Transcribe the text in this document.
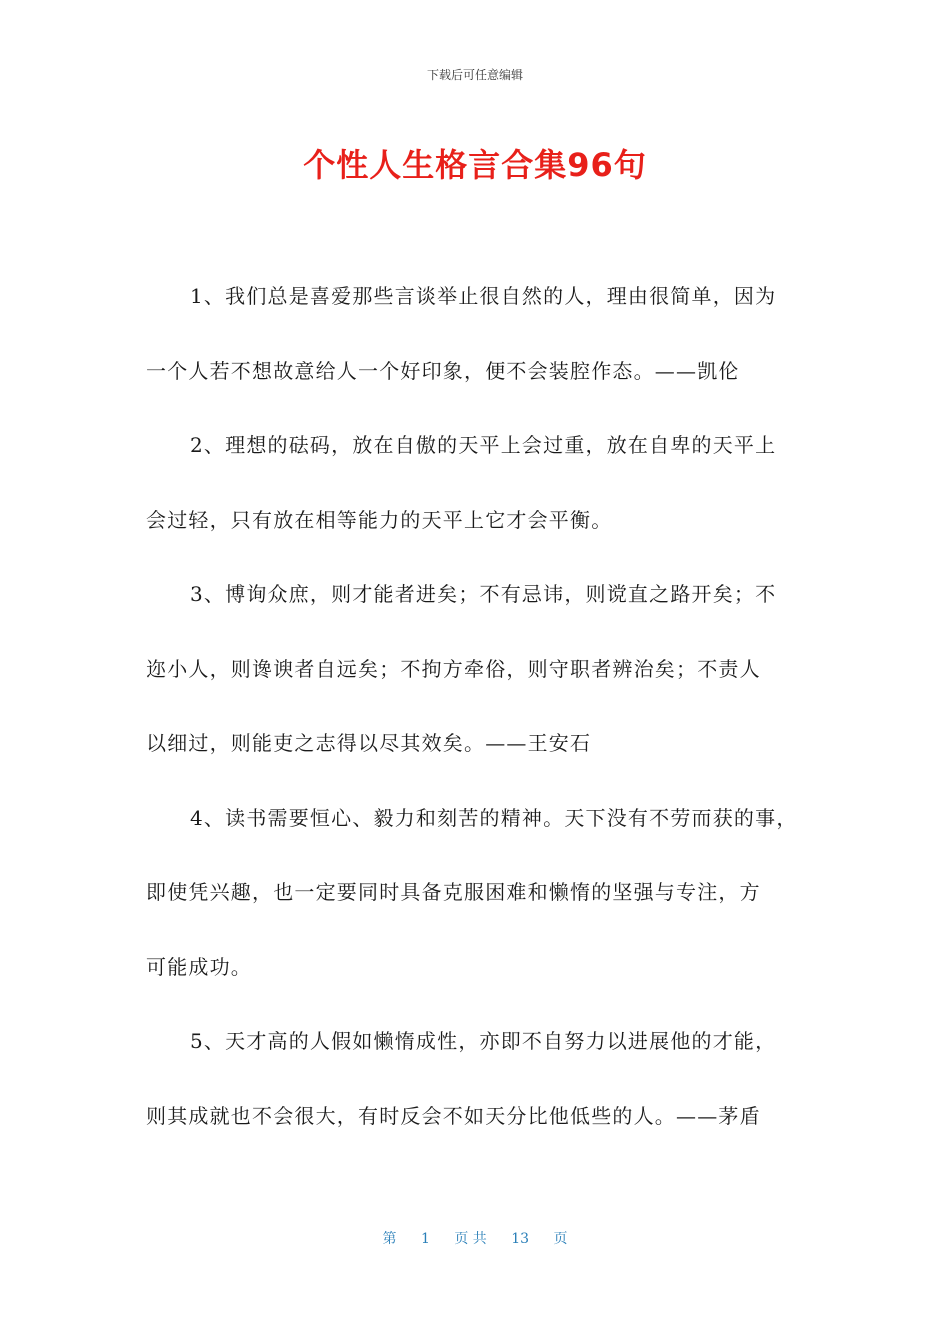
下载后可任意编辑
个性人生格言合集96句
1、我们总是喜爱那些言谈举止很自然的人，理由很简单，因为
一个人若不想故意给人一个好印象，便不会装腔作态。——凯伦
2、理想的砝码，放在自傲的天平上会过重，放在自卑的天平上
会过轻，只有放在相等能力的天平上它才会平衡。
3、博询众庶，则才能者进矣；不有忌讳，则谠直之路开矣；不
迩小人，则谗谀者自远矣；不拘方牵俗，则守职者辨治矣；不责人
以细过，则能吏之志得以尽其效矣。——王安石
4、读书需要恒心、毅力和刻苦的精神。天下没有不劳而获的事，
即使凭兴趣，也一定要同时具备克服困难和懒惰的坚强与专注，方
可能成功。
5、天才高的人假如懒惰成性，亦即不自努力以进展他的才能，
则其成就也不会很大，有时反会不如天分比他低些的人。——茅盾
第 1 页 共 13 页
